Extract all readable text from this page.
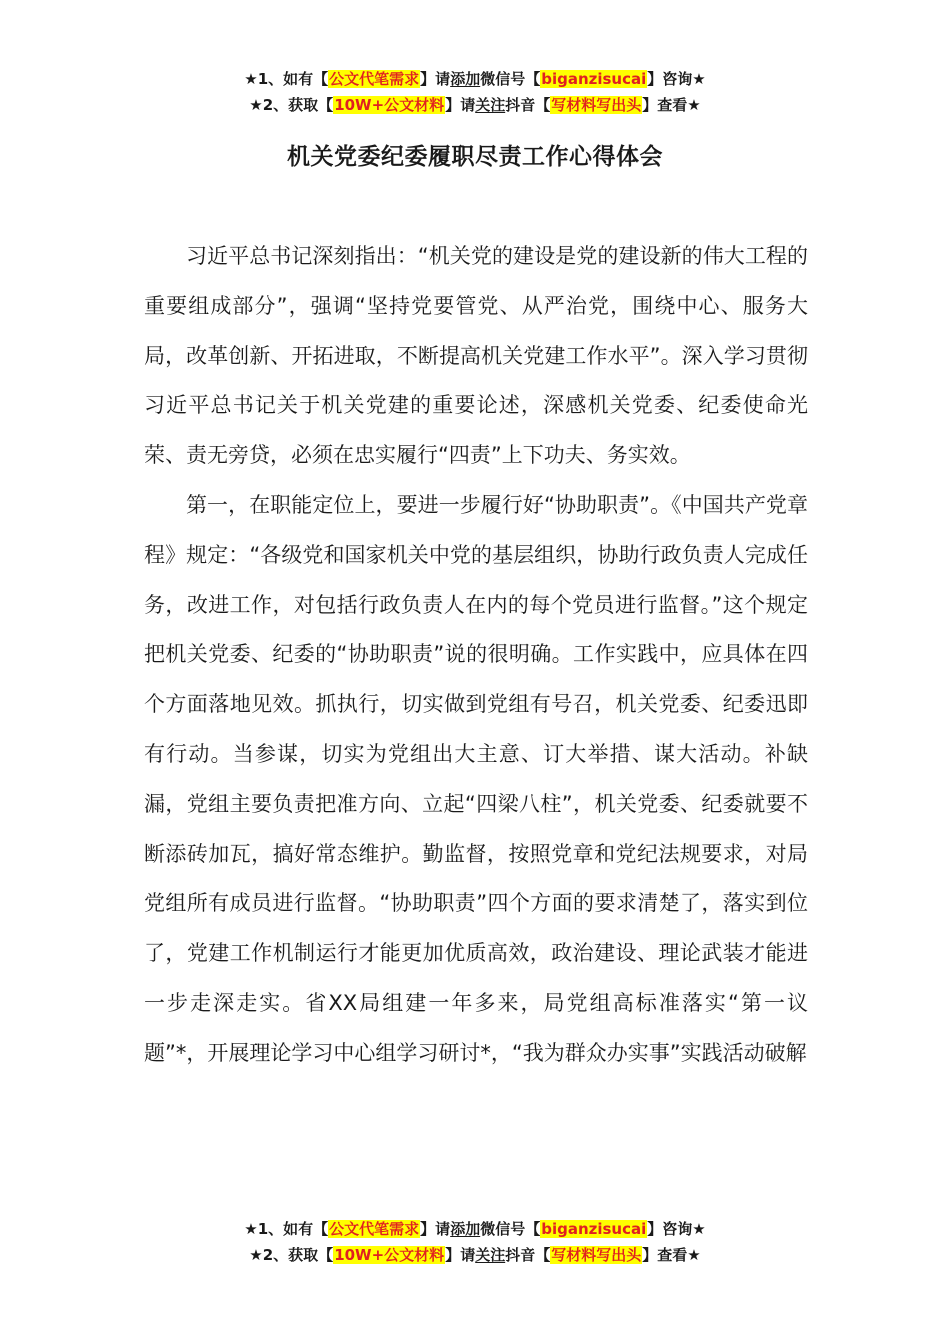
★1、如有【公文代笔需求】请添加微信号【biganzisucai】咨询★
★2、获取【10W+公文材料】请关注抖音【写材料写出头】查看★
机关党委纪委履职尽责工作心得体会

习近平总书记深刻指出：“机关党的建设是党的建设新的伟大工程的重要组成部分”，强调“坚持党要管党、从严治党，围绕中心、服务大局，改革创新、开拓进取，不断提高机关党建工作水平”。深入学习贯彻习近平总书记关于机关党建的重要论述，深感机关党委、纪委使命光荣、责无旁贷，必须在忠实履行“四责”上下功夫、务实效。

第一，在职能定位上，要进一步履行好“协助职责”。《中国共产党章程》规定：“各级党和国家机关中党的基层组织，协助行政负责人完成任务，改进工作，对包括行政负责人在内的每个党员进行监督。”这个规定把机关党委、纪委的“协助职责”说的很明确。工作实践中，应具体在四个方面落地见效。抓执行，切实做到党组有号召，机关党委、纪委迅即有行动。当参谋，切实为党组出大主意、订大举措、谋大活动。补缺漏，党组主要负责把准方向、立起“四梁八柱”，机关党委、纪委就要不断添砖加瓦，搞好常态维护。勤监督，按照党章和党纪法规要求，对局党组所有成员进行监督。“协助职责”四个方面的要求清楚了，落实到位了，党建工作机制运行才能更加优质高效，政治建设、理论武装才能进一步走深走实。省XX局组建一年多来，局党组高标准落实“第一议题”*，开展理论学习中心组学习研讨*，“我为群众办实事”实践活动破解

★1、如有【公文代笔需求】请添加微信号【biganzisucai】咨询★
★2、获取【10W+公文材料】请关注抖音【写材料写出头】查看★
